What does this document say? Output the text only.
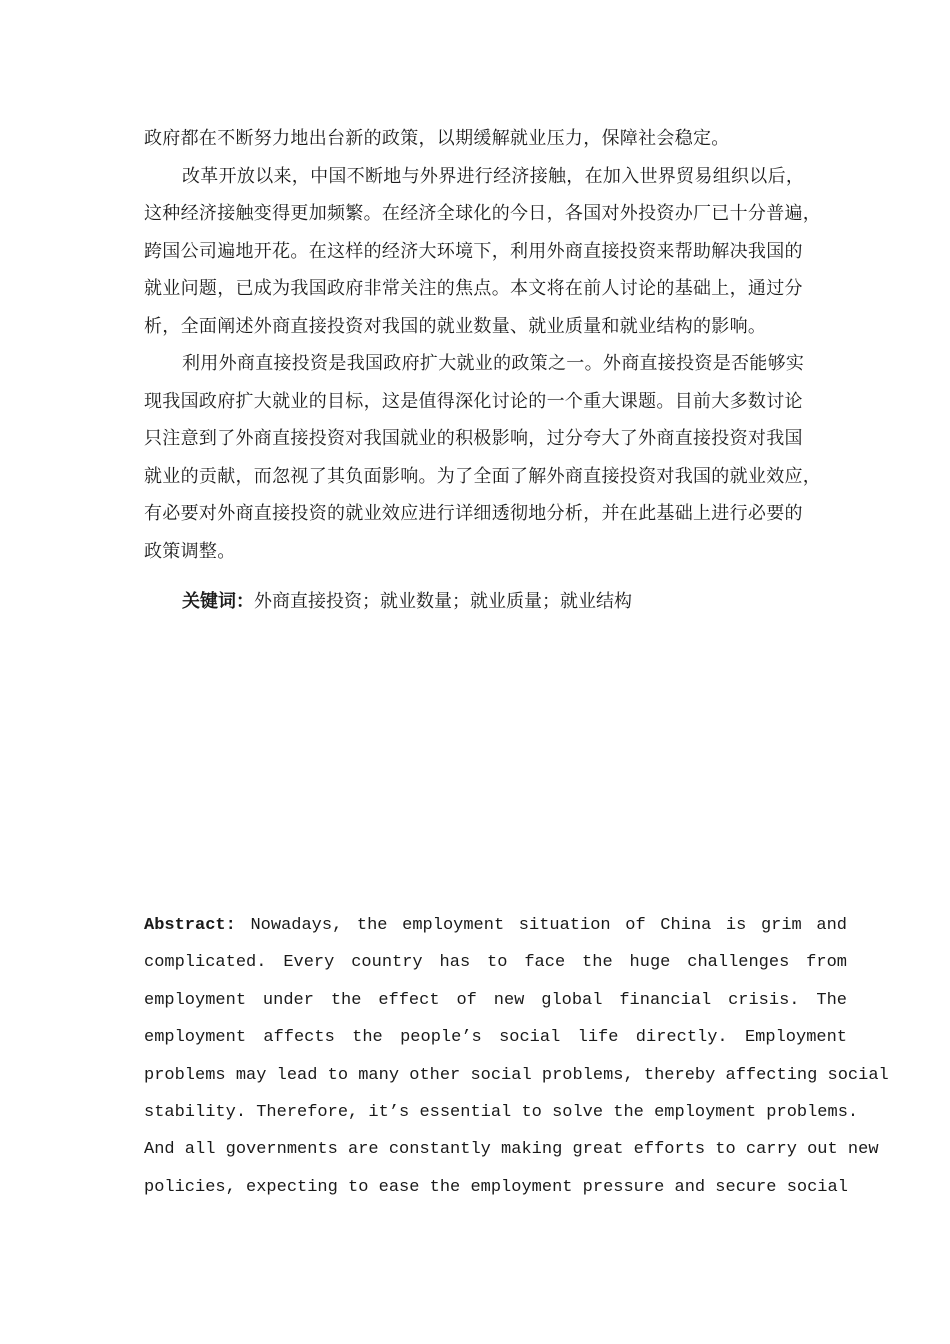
政府都在不断努力地出台新的政策，以期缓解就业压力，保障社会稳定。
改革开放以来，中国不断地与外界进行经济接触，在加入世界贸易组织以后，
这种经济接触变得更加频繁。在经济全球化的今日，各国对外投资办厂已十分普遍，
跨国公司遍地开花。在这样的经济大环境下，利用外商直接投资来帮助解决我国的
就业问题，已成为我国政府非常关注的焦点。本文将在前人讨论的基础上，通过分
析，全面阐述外商直接投资对我国的就业数量、就业质量和就业结构的影响。
利用外商直接投资是我国政府扩大就业的政策之一。外商直接投资是否能够实
现我国政府扩大就业的目标，这是值得深化讨论的一个重大课题。目前大多数讨论
只注意到了外商直接投资对我国就业的积极影响，过分夸大了外商直接投资对我国
就业的贡献，而忽视了其负面影响。为了全面了解外商直接投资对我国的就业效应，
有必要对外商直接投资的就业效应进行详细透彻地分析，并在此基础上进行必要的
政策调整。
关键词：外商直接投资；就业数量；就业质量；就业结构
Abstract: Nowadays, the employment situation of China is grim and
complicated. Every country has to face the huge challenges from
employment under the effect of new global financial crisis. The
employment affects the people’s social life directly. Employment
problems may lead to many other social problems, thereby affecting social
stability. Therefore, it’s essential to solve the employment problems.
And all governments are constantly making great efforts to carry out new
policies, expecting to ease the employment pressure and secure social
